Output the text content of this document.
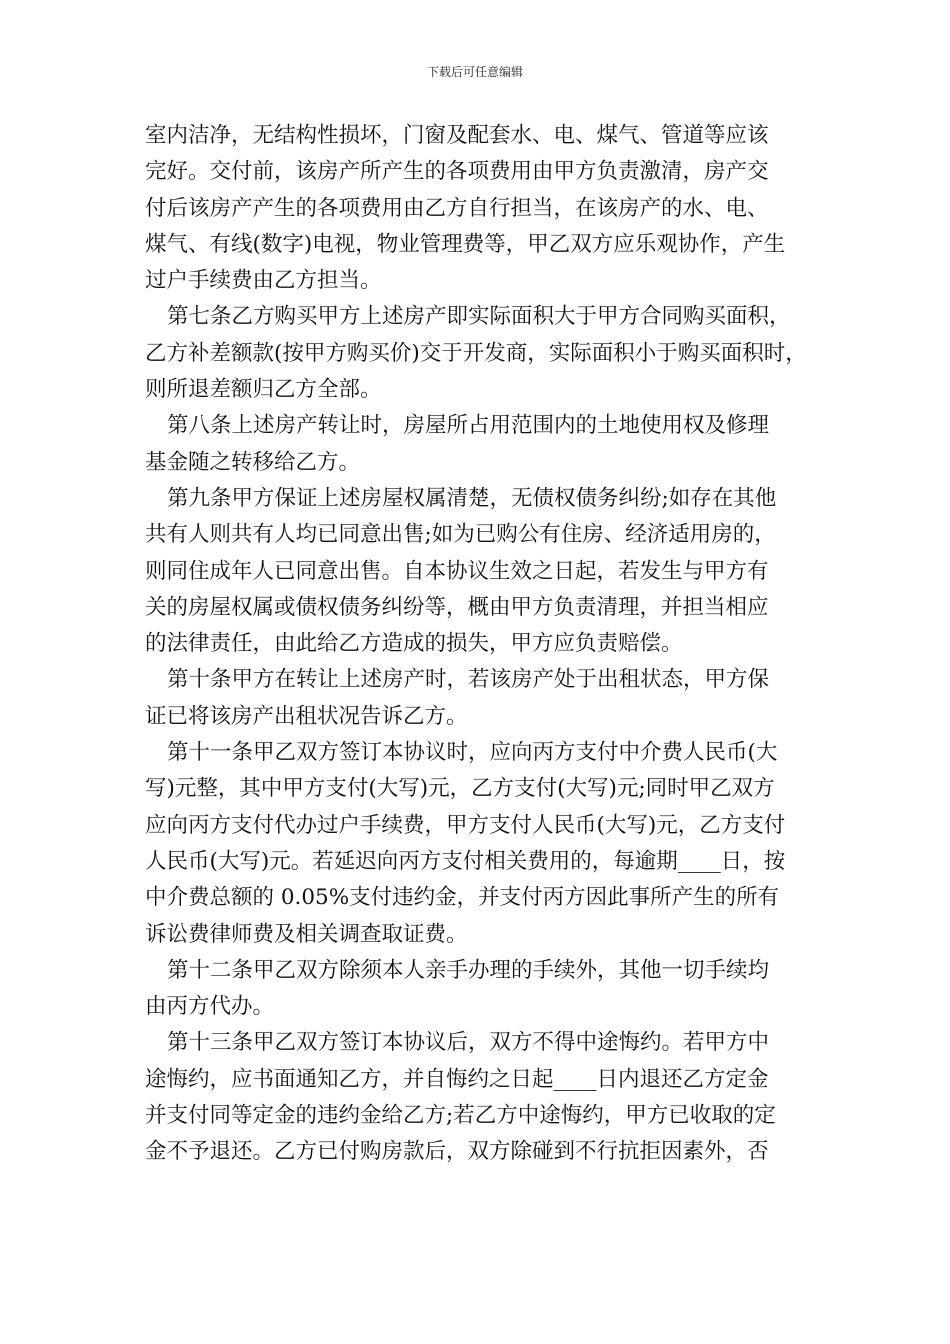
下载后可任意编辑

室内洁净，无结构性损坏，门窗及配套水、电、煤气、管道等应该
完好。交付前，该房产所产生的各项费用由甲方负责激清，房产交
付后该房产产生的各项费用由乙方自行担当，在该房产的水、电、
煤气、有线(数字)电视，物业管理费等，甲乙双方应乐观协作，产生
过户手续费由乙方担当。

第七条乙方购买甲方上述房产即实际面积大于甲方合同购买面积，
乙方补差额款(按甲方购买价)交于开发商，实际面积小于购买面积时，
则所退差额归乙方全部。

第八条上述房产转让时，房屋所占用范围内的土地使用权及修理
基金随之转移给乙方。

第九条甲方保证上述房屋权属清楚，无债权债务纠纷;如存在其他
共有人则共有人均已同意出售;如为已购公有住房、经济适用房的，
则同住成年人已同意出售。自本协议生效之日起，若发生与甲方有
关的房屋权属或债权债务纠纷等，概由甲方负责清理，并担当相应
的法律责任，由此给乙方造成的损失，甲方应负责赔偿。

第十条甲方在转让上述房产时，若该房产处于出租状态，甲方保
证已将该房产出租状况告诉乙方。

第十一条甲乙双方签订本协议时，应向丙方支付中介费人民币(大
写)元整，其中甲方支付(大写)元，乙方支付(大写)元;同时甲乙双方
应向丙方支付代办过户手续费，甲方支付人民币(大写)元，乙方支付
人民币(大写)元。若延迟向丙方支付相关费用的，每逾期____日，按
中介费总额的 0.05%支付违约金，并支付丙方因此事所产生的所有
诉讼费律师费及相关调查取证费。

第十二条甲乙双方除须本人亲手办理的手续外，其他一切手续均
由丙方代办。

第十三条甲乙双方签订本协议后，双方不得中途悔约。若甲方中
途悔约，应书面通知乙方，并自悔约之日起____日内退还乙方定金
并支付同等定金的违约金给乙方;若乙方中途悔约，甲方已收取的定
金不予退还。乙方已付购房款后，双方除碰到不行抗拒因素外，否
